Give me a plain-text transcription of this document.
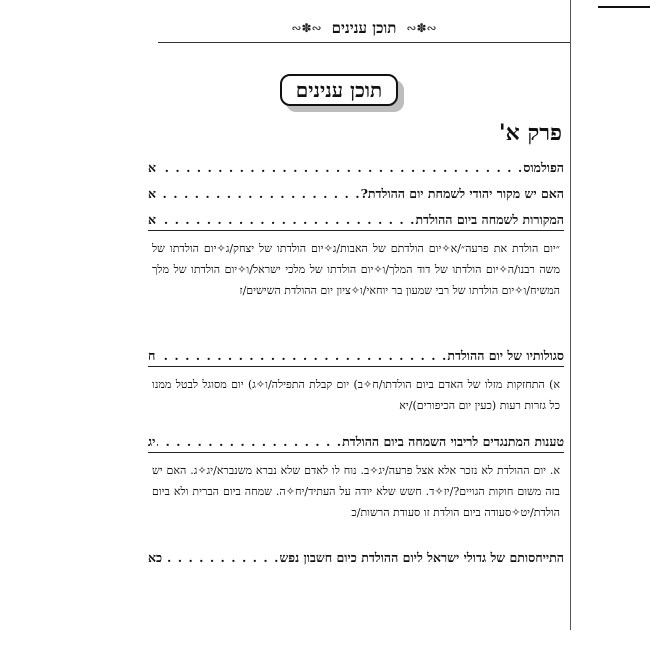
∾✽∾
תוכן ענינים
∾✽∾
תוכן ענינים
פרק א'
הפולמוס
. . .
א
האם יש מקור יהודי לשמחת יום ההולדת?
. . .
א
המקורות לשמחה ביום ההולדת
. . .
א
״יום הולדת את פרעה״/א✧יום הולדתם של האבות/ג✧יום הולדתו של יצחק/ג✧יום הולדתו של משה רבנו/ה✧יום הולדתו של דוד המלך/ו✧יום הולדתו של מלכי ישראל/ו✧יום הולדתו של מלך המשיח/ו✧יום הולדתו של רבי שמעון בר יוחאי/ו✧ציון יום ההולדת השישים/ז
סגולותיו של יום ההולדת
. . .
ח
א) התחזקות מזלו של האדם ביום הולדתו/ח✧ב) יום קבלת התפילה/ו✧ג) יום מסוגל לבטל ממנו כל גזרות רעות (כעין יום הכיפורים)/יא
טענות המתנגדים לריבוי השמחה ביום ההולדת
. . .
יג
א. יום ההולדת לא נזכר אלא אצל פרעה/יג✧ב. נוח לו לאדם שלא נברא משנברא/יג✧ג. האם יש בזה משום חוקות הגויים?/יז✧ד. חשש שלא יודה על העתיד/יח✧ה. שמחה ביום הברית ולא ביום הולדת/יט✧סעודה ביום הולדת זו סעודת הרשות/כ
התייחסותם של גדולי ישראל ליום ההולדת כיום חשבון נפש
. . .
כא
